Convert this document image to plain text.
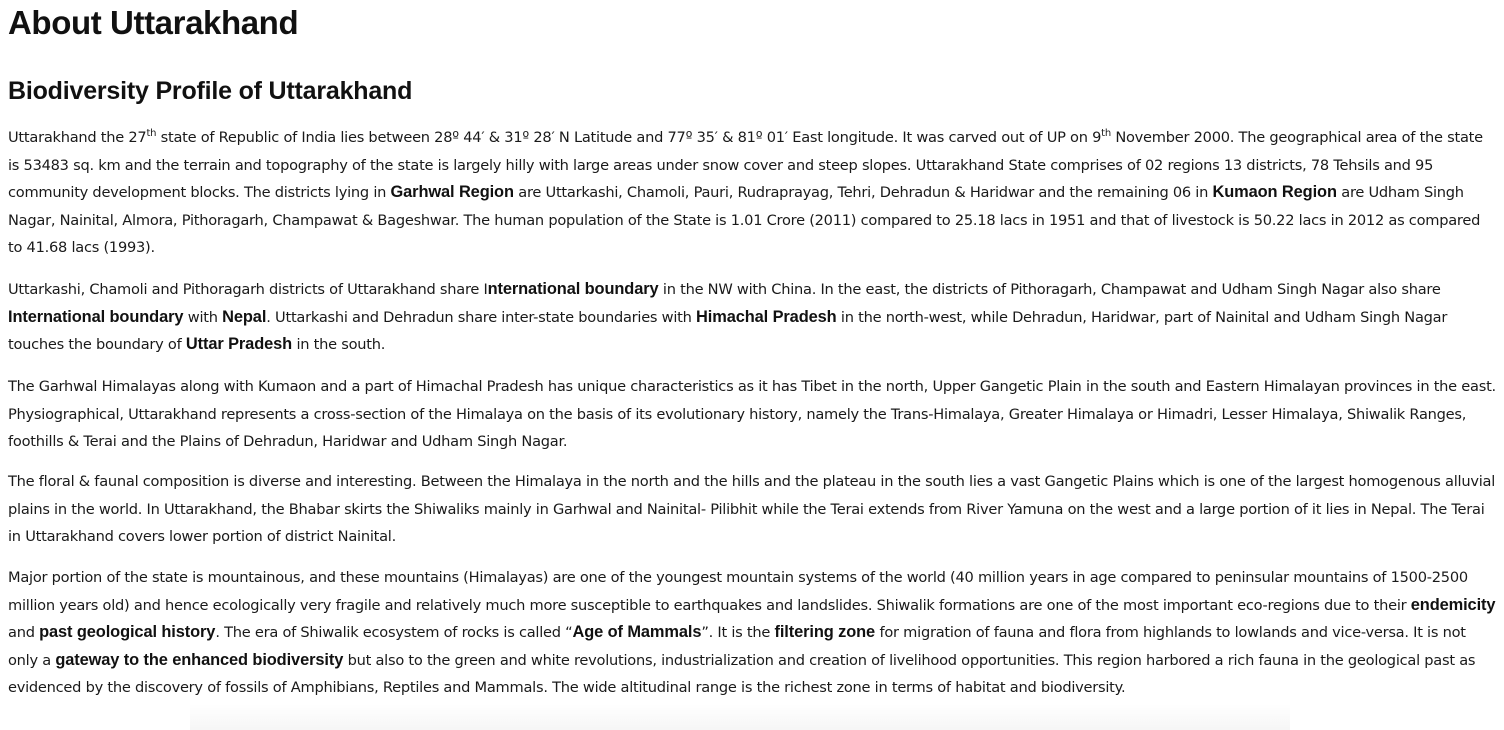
About Uttarakhand
Biodiversity Profile of Uttarakhand

Uttarakhand the 27th state of Republic of India lies between 28º 44′ & 31º 28′ N Latitude and 77º 35′ & 81º 01′ East longitude. It was carved out of UP on 9th November 2000. The geographical area of the state is 53483 sq. km and the terrain and topography of the state is largely hilly with large areas under snow cover and steep slopes. Uttarakhand State comprises of 02 regions 13 districts, 78 Tehsils and 95 community development blocks. The districts lying in Garhwal Region are Uttarkashi, Chamoli, Pauri, Rudraprayag, Tehri, Dehradun & Haridwar and the remaining 06 in Kumaon Region are Udham Singh Nagar, Nainital, Almora, Pithoragarh, Champawat & Bageshwar. The human population of the State is 1.01 Crore (2011) compared to 25.18 lacs in 1951 and that of livestock is 50.22 lacs in 2012 as compared to 41.68 lacs (1993).

Uttarkashi, Chamoli and Pithoragarh districts of Uttarakhand share International boundary in the NW with China. In the east, the districts of Pithoragarh, Champawat and Udham Singh Nagar also share International boundary with Nepal. Uttarkashi and Dehradun share inter-state boundaries with Himachal Pradesh in the north-west, while Dehradun, Haridwar, part of Nainital and Udham Singh Nagar touches the boundary of Uttar Pradesh in the south.

The Garhwal Himalayas along with Kumaon and a part of Himachal Pradesh has unique characteristics as it has Tibet in the north, Upper Gangetic Plain in the south and Eastern Himalayan provinces in the east. Physiographical, Uttarakhand represents a cross-section of the Himalaya on the basis of its evolutionary history, namely the Trans-Himalaya, Greater Himalaya or Himadri, Lesser Himalaya, Shiwalik Ranges, foothills & Terai and the Plains of Dehradun, Haridwar and Udham Singh Nagar.

The floral & faunal composition is diverse and interesting. Between the Himalaya in the north and the hills and the plateau in the south lies a vast Gangetic Plains which is one of the largest homogenous alluvial plains in the world. In Uttarakhand, the Bhabar skirts the Shiwaliks mainly in Garhwal and Nainital- Pilibhit while the Terai extends from River Yamuna on the west and a large portion of it lies in Nepal. The Terai in Uttarakhand covers lower portion of district Nainital.

Major portion of the state is mountainous, and these mountains (Himalayas) are one of the youngest mountain systems of the world (40 million years in age compared to peninsular mountains of 1500-2500 million years old) and hence ecologically very fragile and relatively much more susceptible to earthquakes and landslides. Shiwalik formations are one of the most important eco-regions due to their endemicity and past geological history. The era of Shiwalik ecosystem of rocks is called “Age of Mammals”. It is the filtering zone for migration of fauna and flora from highlands to lowlands and vice-versa. It is not only a gateway to the enhanced biodiversity but also to the green and white revolutions, industrialization and creation of livelihood opportunities. This region harbored a rich fauna in the geological past as evidenced by the discovery of fossils of Amphibians, Reptiles and Mammals. The wide altitudinal range is the richest zone in terms of habitat and biodiversity.
